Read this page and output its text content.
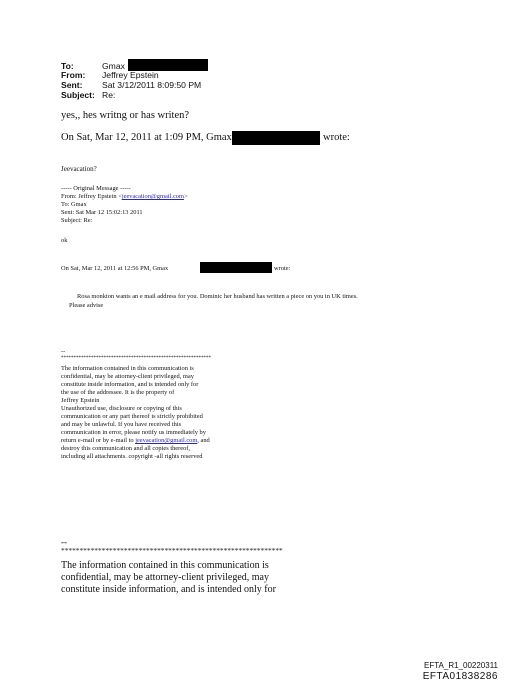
To:	Gmax
From: Jeffrey Epstein
Sent: Sat 3/12/2011 8:09:50 PM
Subject: Re:
yes,, hes writng or has writen?
On Sat, Mar 12, 2011 at 1:09 PM, Gmax	wrote:
Jeevacation?
----- Original Message -----
From: Jeffrey Epstein <jeevacation@gmail.com>
To: Gmax
Sent: Sat Mar 12 15:02:13 2011
Subject: Re:
ok
On Sat, Mar 12, 2011 at 12:56 PM, Gmax	wrote:
Rosa monkton wants an e mail address for you. Dominic her husband has written a piece on you in UK times.
Please advise
--
************************************************************
The information contained in this communication is
confidential, may be attorney-client privileged, may
constitute inside information, and is intended only for
the use of the addressee. It is the property of
Jeffrey Epstein
Unauthorized use, disclosure or copying of this
communication or any part thereof is strictly prohibited
and may be unlawful. If you have received this
communication in error, please notify us immediately by
return e-mail or by e-mail to jeevacation@gmail.com, and
destroy this communication and all copies thereof,
including all attachments. copyright -all rights reserved
--
************************************************************
The information contained in this communication is
confidential, may be attorney-client privileged, may
constitute inside information, and is intended only for
EFTA_R1_00220311
EFTA01838286
